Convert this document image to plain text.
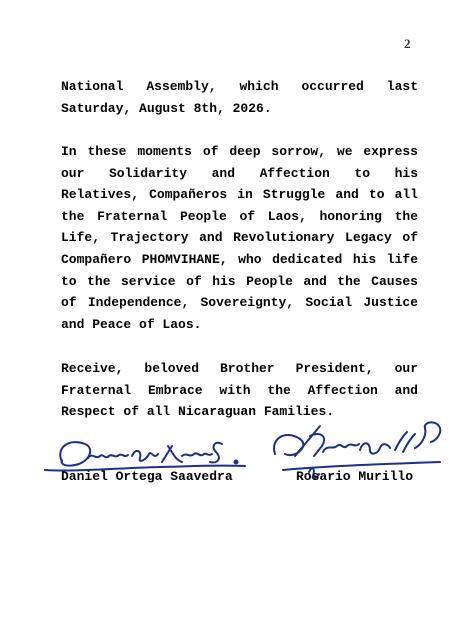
2
National Assembly, which occurred last Saturday, August 8th, 2026.
In these moments of deep sorrow, we express our Solidarity and Affection to his Relatives, Compañeros in Struggle and to all the Fraternal People of Laos, honoring the Life, Trajectory and Revolutionary Legacy of Compañero PHOMVIHANE, who dedicated his life to the service of his People and the Causes of Independence, Sovereignty, Social Justice and Peace of Laos.
Receive, beloved Brother President, our Fraternal Embrace with the Affection and Respect of all Nicaraguan Families.
Daniel Ortega Saavedra	Rosario Murillo
